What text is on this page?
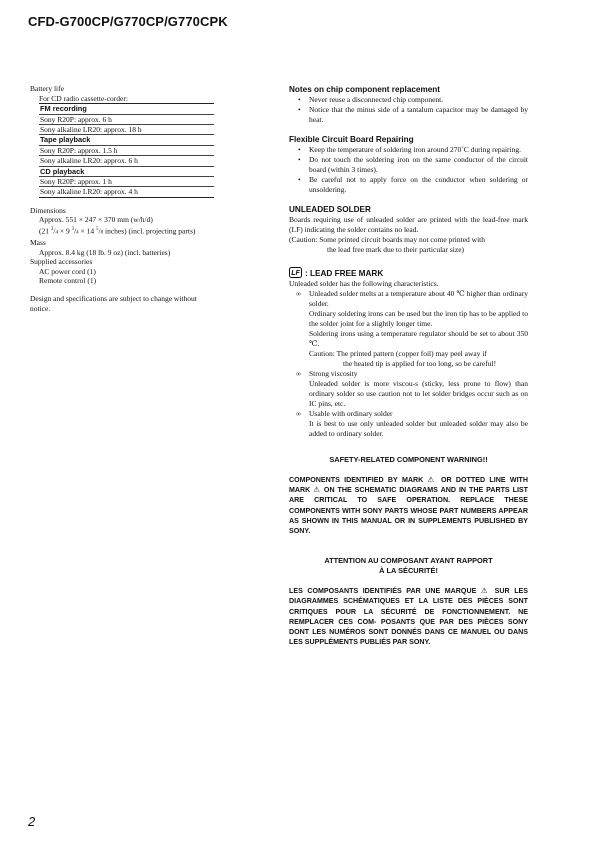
CFD-G700CP/G770CP/G770CPK
Battery life
For CD radio cassette-corder:
FM recording
Sony R20P: approx. 6 h
Sony alkaline LR20: approx. 18 h
Tape playback
Sony R20P: approx. 1.5 h
Sony alkaline LR20: approx. 6 h
CD playback
Sony R20P: approx. 1 h
Sony alkaline LR20: approx. 4 h
Dimensions
Approx. 551 × 247 × 370 mm (w/h/d)
(21 $^3$/4 × 9 $^3$/4 × 14 $^5$/8 inches) (incl. projecting parts)
Mass
Approx. 8.4 kg (18 lb. 9 oz) (incl. batteries)
Supplied accessories
AC power cord (1)
Remote control (1)
Design and specifications are subject to change without notice.
Notes on chip component replacement
• Never reuse a disconnected chip component.
• Notice that the minus side of a tantalum capacitor may be damaged by heat.
Flexible Circuit Board Repairing
• Keep the temperature of soldering iron around 270˚C during repairing.
• Do not touch the soldering iron on the same conductor of the circuit board (within 3 times).
• Be careful not to apply force on the conductor when soldering or unsoldering.
UNLEADED SOLDER
Boards requiring use of unleaded solder are printed with the lead-free mark (LF) indicating the solder contains no lead.
(Caution: Some printed circuit boards may not come printed with
the lead free mark due to their particular size)
LF : LEAD FREE MARK
Unleaded solder has the following characteristics.
∞ Unleaded solder melts at a temperature about 40 ℃ higher than ordinary solder.
Ordinary soldering irons can be used but the iron tip has to be applied to the solder joint for a slightly longer time.
Soldering irons using a temperature regulator should be set to about 350 ℃.
Caution: The printed pattern (copper foil) may peel away if
the heated tip is applied for too long, so be careful!
∞ Strong viscosity
Unleaded solder is more viscou-s (sticky, less prone to flow) than ordinary solder so use caution not to let solder bridges occur such as on IC pins, etc.
∞ Usable with ordinary solder
It is best to use only unleaded solder but unleaded solder may also be added to ordinary solder.
SAFETY-RELATED COMPONENT WARNING!!
COMPONENTS IDENTIFIED BY MARK ⚠ OR DOTTED LINE WITH MARK ⚠ ON THE SCHEMATIC DIAGRAMS AND IN THE PARTS LIST ARE CRITICAL TO SAFE OPERATION. REPLACE THESE COMPONENTS WITH SONY PARTS WHOSE PART NUMBERS APPEAR AS SHOWN IN THIS MANUAL OR IN SUPPLEMENTS PUBLISHED BY SONY.
ATTENTION AU COMPOSANT AYANT RAPPORT
À LA SÉCURITÉ!
LES COMPOSANTS IDENTIFIÉS PAR UNE MARQUE ⚠ SUR LES DIAGRAMMES SCHÉMATIQUES ET LA LISTE DES PIÈCES SONT CRITIQUES POUR LA SÉCURITÉ DE FONCTIONNEMENT. NE REMPLACER CES COM- POSANTS QUE PAR DES PIÈCES SONY DONT LES NUMÉROS SONT DONNÉS DANS CE MANUEL OU DANS LES SUPPLÉMENTS PUBLIÉS PAR SONY.
2
